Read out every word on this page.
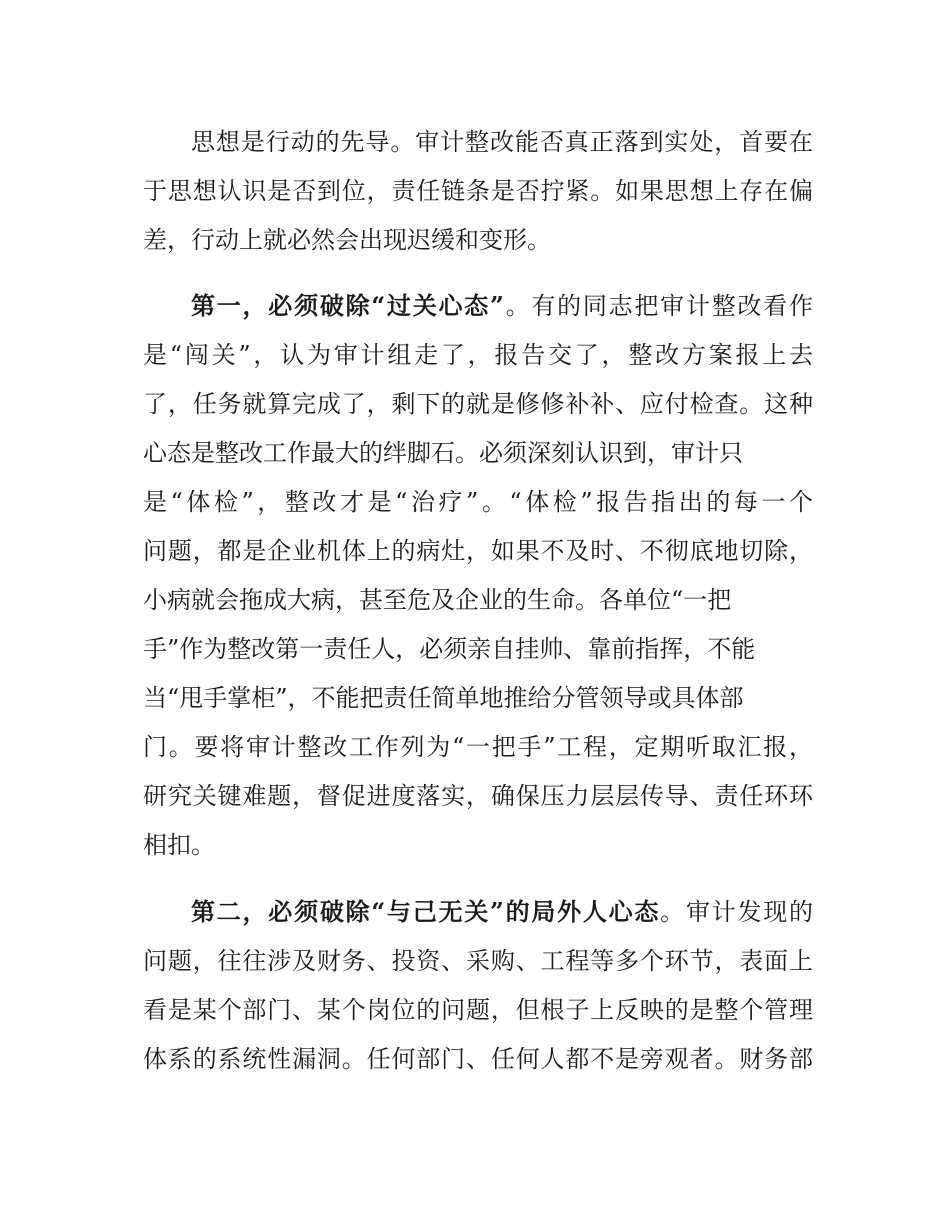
思想是行动的先导。审计整改能否真正落到实处，首要在
于思想认识是否到位，责任链条是否拧紧。如果思想上存在偏
差，行动上就必然会出现迟缓和变形。
第一，必须破除“过关心态”。有的同志把审计整改看作
是“闯关”，认为审计组走了，报告交了，整改方案报上去
了，任务就算完成了，剩下的就是修修补补、应付检查。这种
心态是整改工作最大的绊脚石。必须深刻认识到，审计只
是“体检”，整改才是“治疗”。“体检”报告指出的每一个
问题，都是企业机体上的病灶，如果不及时、不彻底地切除，
小病就会拖成大病，甚至危及企业的生命。各单位“一把
手”作为整改第一责任人，必须亲自挂帅、靠前指挥，不能
当“甩手掌柜”，不能把责任简单地推给分管领导或具体部
门。要将审计整改工作列为“一把手”工程，定期听取汇报，
研究关键难题，督促进度落实，确保压力层层传导、责任环环
相扣。
第二，必须破除“与己无关”的局外人心态。审计发现的
问题，往往涉及财务、投资、采购、工程等多个环节，表面上
看是某个部门、某个岗位的问题，但根子上反映的是整个管理
体系的系统性漏洞。任何部门、任何人都不是旁观者。财务部
